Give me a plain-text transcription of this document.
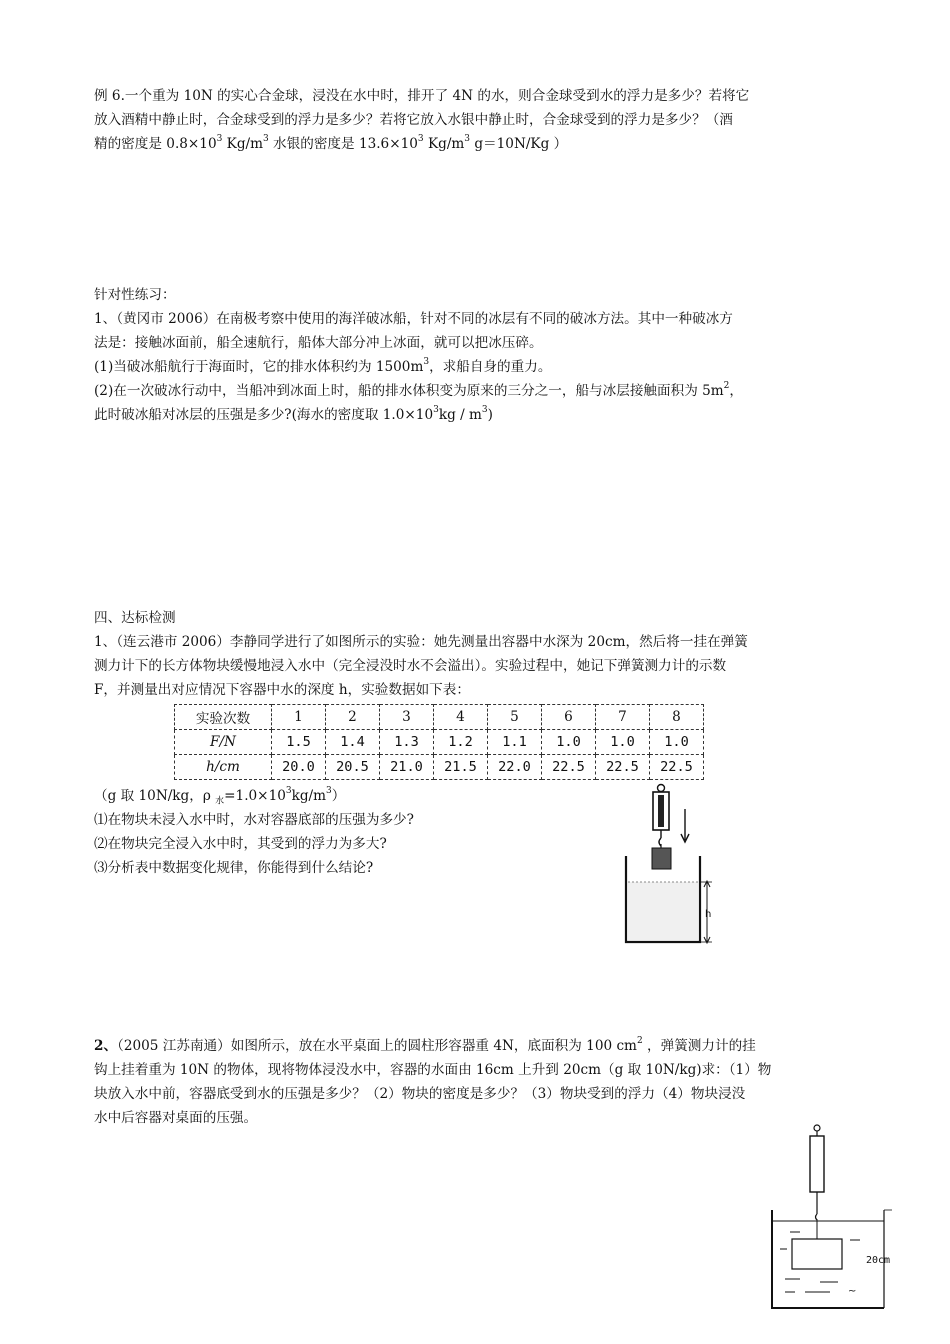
例 6.一个重为 10N 的实心合金球，浸没在水中时，排开了 4N 的水，则合金球受到水的浮力是多少？若将它
放入酒精中静止时，合金球受到的浮力是多少？若将它放入水银中静止时，合金球受到的浮力是多少？（酒
精的密度是 $0.8\times 10^3$ $Kg/m^3$ 水银的密度是 $13.6\times 10^3$ $Kg/m^3$ g＝10N/Kg ）
针对性练习：
1、（黄冈市 2006）在南极考察中使用的海洋破冰船，针对不同的冰层有不同的破冰方法。其中一种破冰方
法是：接触冰面前，船全速航行，船体大部分冲上冰面，就可以把冰压碎。
(1)当破冰船航行于海面时，它的排水体积约为 $1500m^3$，求船自身的重力。
(2)在一次破冰行动中，当船冲到冰面上时，船的排水体积变为原来的三分之一，船与冰层接触面积为 $5m^2$，
此时破冰船对冰层的压强是多少?(海水的密度取 $1.0\times 10^3kg / m^3$)
四、达标检测
1、（连云港市 2006）李静同学进行了如图所示的实验：她先测量出容器中水深为 20cm，然后将一挂在弹簧
测力计下的长方体物块缓慢地浸入水中（完全浸没时水不会溢出）。实验过程中，她记下弹簧测力计的示数
F，并测量出对应情况下容器中水的深度 h，实验数据如下表：
实验次数	1	2	3	4	5	6	7	8
F/N	1.5	1.4	1.3	1.2	1.1	1.0	1.0	1.0
h/cm	20.0	20.5	21.0	21.5	22.0	22.5	22.5	22.5
（g 取 10N/kg，ρ $_水=1.0\times 10^3kg/m^3$）
⑴在物块未浸入水中时，水对容器底部的压强为多少?
⑵在物块完全浸入水中时，其受到的浮力为多大?
⑶分析表中数据变化规律，你能得到什么结论?
h
2、（2005 江苏南通）如图所示，放在水平桌面上的圆柱形容器重 4N，底面积为 100 $cm^2$ ，弹簧测力计的挂
钩上挂着重为 10N 的物体，现将物体浸没水中，容器的水面由 16cm 上升到 20cm（g 取 10N/kg)求：（1）物
块放入水中前，容器底受到水的压强是多少？（2）物块的密度是多少？（3）物块受到的浮力（4）物块浸没
水中后容器对桌面的压强。
~
20cm
